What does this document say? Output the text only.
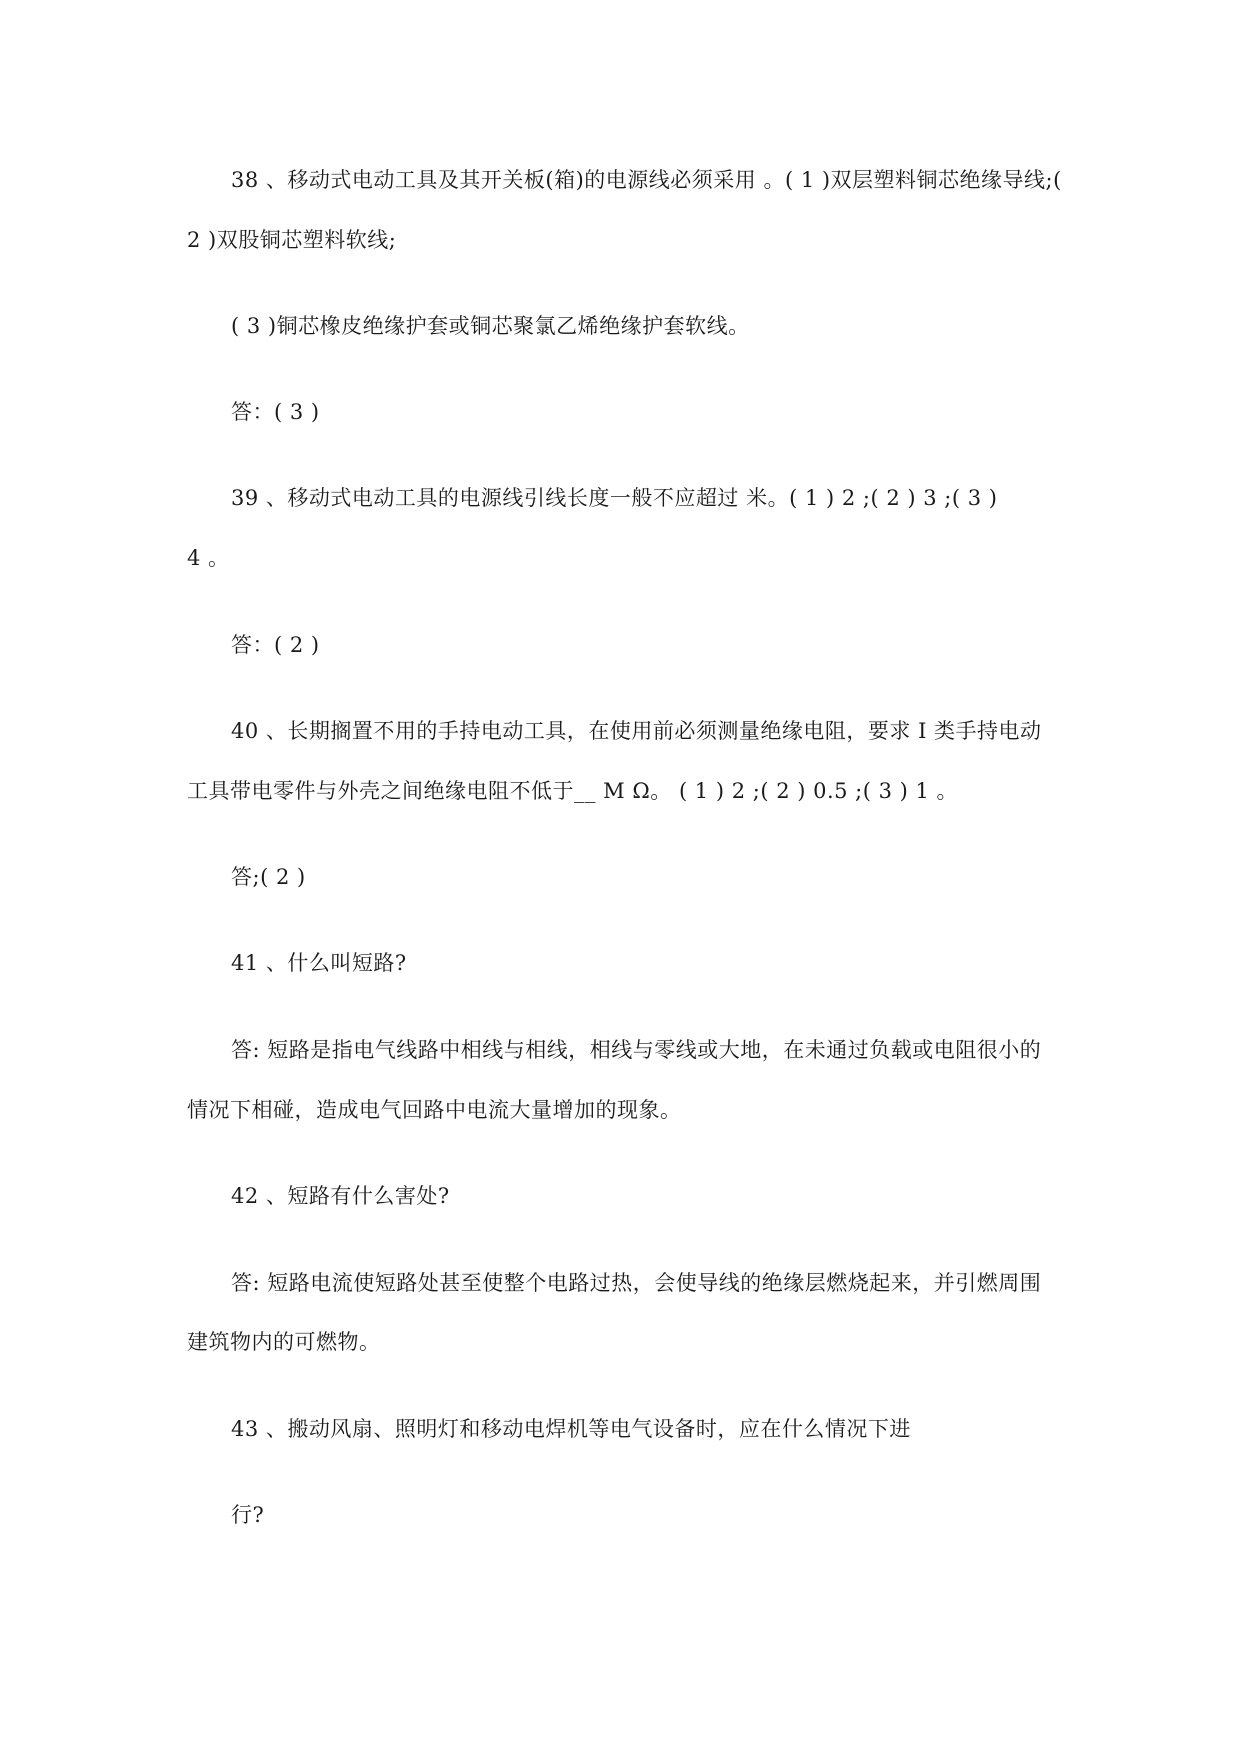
38 、移动式电动工具及其开关板(箱)的电源线必须采用 。( 1 )双层塑料铜芯绝缘导线;(
2 )双股铜芯塑料软线;
( 3 )铜芯橡皮绝缘护套或铜芯聚氯乙烯绝缘护套软线。
答：( 3 )
39 、移动式电动工具的电源线引线长度一般不应超过 米。( 1 ) 2 ;( 2 ) 3 ;( 3 )
4 。
答：( 2 )
40 、长期搁置不用的手持电动工具，在使用前必须测量绝缘电阻，要求 I 类手持电动
工具带电零件与外壳之间绝缘电阻不低于__ M Ω。 ( 1 ) 2 ;( 2 ) 0.5 ;( 3 ) 1 。
答;( 2 )
41 、什么叫短路?
答: 短路是指电气线路中相线与相线，相线与零线或大地，在未通过负载或电阻很小的
情况下相碰，造成电气回路中电流大量增加的现象。
42 、短路有什么害处?
答: 短路电流使短路处甚至使整个电路过热，会使导线的绝缘层燃烧起来，并引燃周围
建筑物内的可燃物。
43 、搬动风扇、照明灯和移动电焊机等电气设备时，应在什么情况下进
行?
